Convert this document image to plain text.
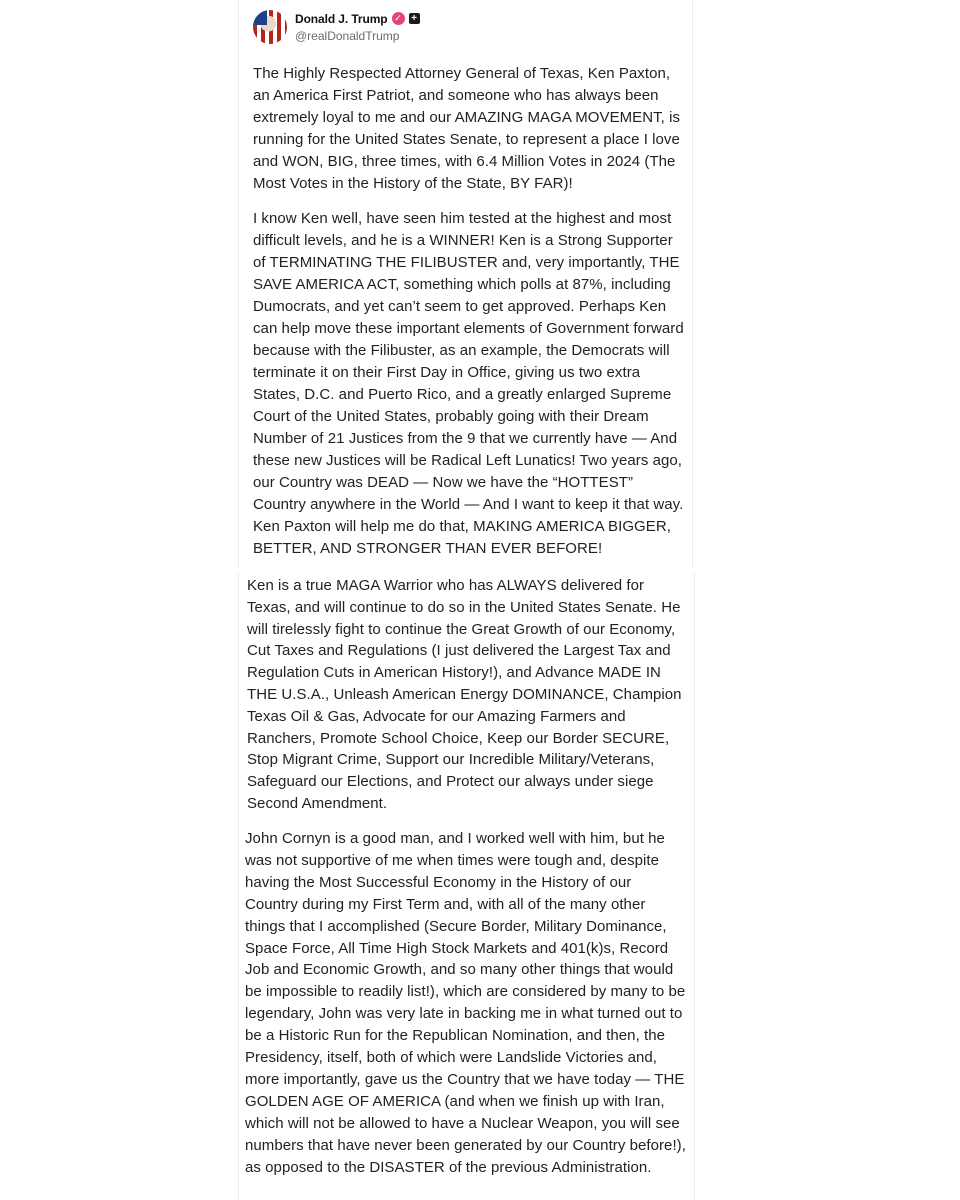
Donald J. Trump ✓ +
@realDonaldTrump

The Highly Respected Attorney General of Texas, Ken Paxton, an America First Patriot, and someone who has always been extremely loyal to me and our AMAZING MAGA MOVEMENT, is running for the United States Senate, to represent a place I love and WON, BIG, three times, with 6.4 Million Votes in 2024 (The Most Votes in the History of the State, BY FAR)!

I know Ken well, have seen him tested at the highest and most difficult levels, and he is a WINNER! Ken is a Strong Supporter of TERMINATING THE FILIBUSTER and, very importantly, THE SAVE AMERICA ACT, something which polls at 87%, including Dumocrats, and yet can’t seem to get approved. Perhaps Ken can help move these important elements of Government forward because with the Filibuster, as an example, the Democrats will terminate it on their First Day in Office, giving us two extra States, D.C. and Puerto Rico, and a greatly enlarged Supreme Court of the United States, probably going with their Dream Number of 21 Justices from the 9 that we currently have — And these new Justices will be Radical Left Lunatics! Two years ago, our Country was DEAD — Now we have the “HOTTEST” Country anywhere in the World — And I want to keep it that way. Ken Paxton will help me do that, MAKING AMERICA BIGGER, BETTER, AND STRONGER THAN EVER BEFORE!

Ken is a true MAGA Warrior who has ALWAYS delivered for Texas, and will continue to do so in the United States Senate. He will tirelessly fight to continue the Great Growth of our Economy, Cut Taxes and Regulations (I just delivered the Largest Tax and Regulation Cuts in American History!), and Advance MADE IN THE U.S.A., Unleash American Energy DOMINANCE, Champion Texas Oil & Gas, Advocate for our Amazing Farmers and Ranchers, Promote School Choice, Keep our Border SECURE, Stop Migrant Crime, Support our Incredible Military/Veterans, Safeguard our Elections, and Protect our always under siege Second Amendment.

John Cornyn is a good man, and I worked well with him, but he was not supportive of me when times were tough and, despite having the Most Successful Economy in the History of our Country during my First Term and, with all of the many other things that I accomplished (Secure Border, Military Dominance, Space Force, All Time High Stock Markets and 401(k)s, Record Job and Economic Growth, and so many other things that would be impossible to readily list!), which are considered by many to be legendary, John was very late in backing me in what turned out to be a Historic Run for the Republican Nomination, and then, the Presidency, itself, both of which were Landslide Victories and, more importantly, gave us the Country that we have today — THE GOLDEN AGE OF AMERICA (and when we finish up with Iran, which will not be allowed to have a Nuclear Weapon, you will see numbers that have never been generated by our Country before!), as opposed to the DISASTER of the previous Administration.
